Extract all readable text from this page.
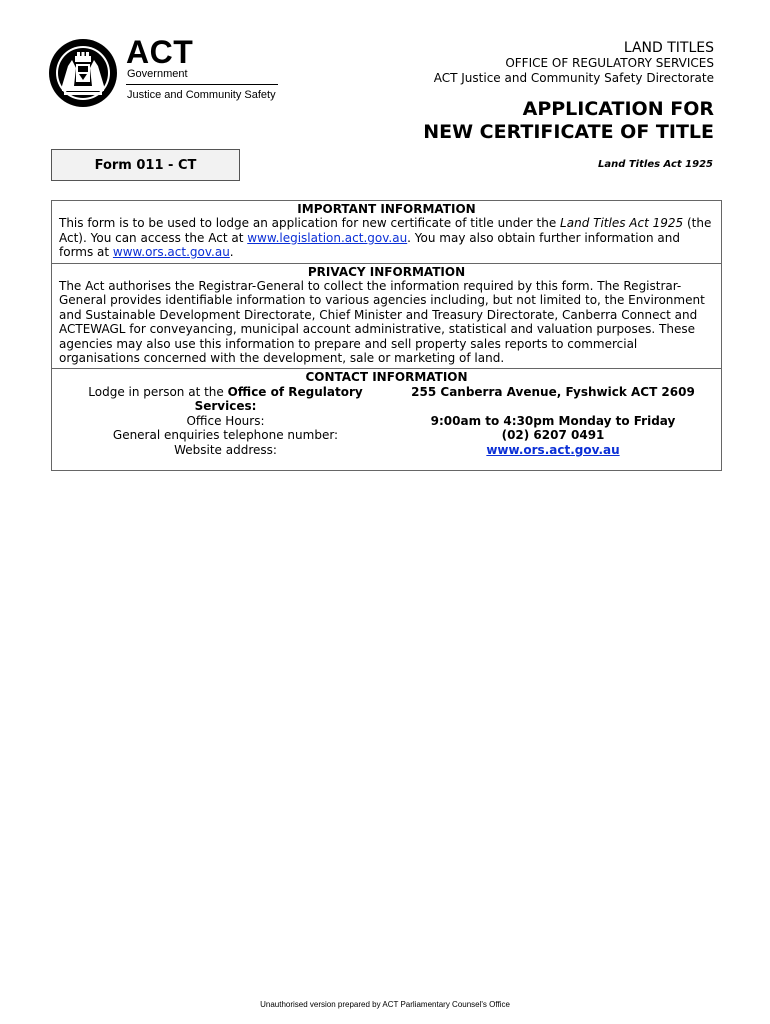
ACT
Government
Justice and Community Safety
LAND TITLES
OFFICE OF REGULATORY SERVICES
ACT Justice and Community Safety Directorate
APPLICATION FOR
NEW CERTIFICATE OF TITLE
Land Titles Act 1925
Form 011 - CT
IMPORTANT INFORMATION
This form is to be used to lodge an application for new certificate of title under the Land Titles Act 1925 (the Act). You can access the Act at www.legislation.act.gov.au. You may also obtain further information and forms at www.ors.act.gov.au.
PRIVACY INFORMATION
The Act authorises the Registrar-General to collect the information required by this form. The Registrar-General provides identifiable information to various agencies including, but not limited to, the Environment and Sustainable Development Directorate, Chief Minister and Treasury Directorate, Canberra Connect and ACTEWAGL for conveyancing, municipal account administrative, statistical and valuation purposes. These agencies may also use this information to prepare and sell property sales reports to commercial organisations concerned with the development, sale or marketing of land.
CONTACT INFORMATION
Lodge in person at the Office of Regulatory Services:	255 Canberra Avenue, Fyshwick ACT 2609
Office Hours:	9:00am to 4:30pm Monday to Friday
General enquiries telephone number:	(02) 6207 0491
Website address:	www.ors.act.gov.au
Unauthorised version prepared by ACT Parliamentary Counsel's Office
